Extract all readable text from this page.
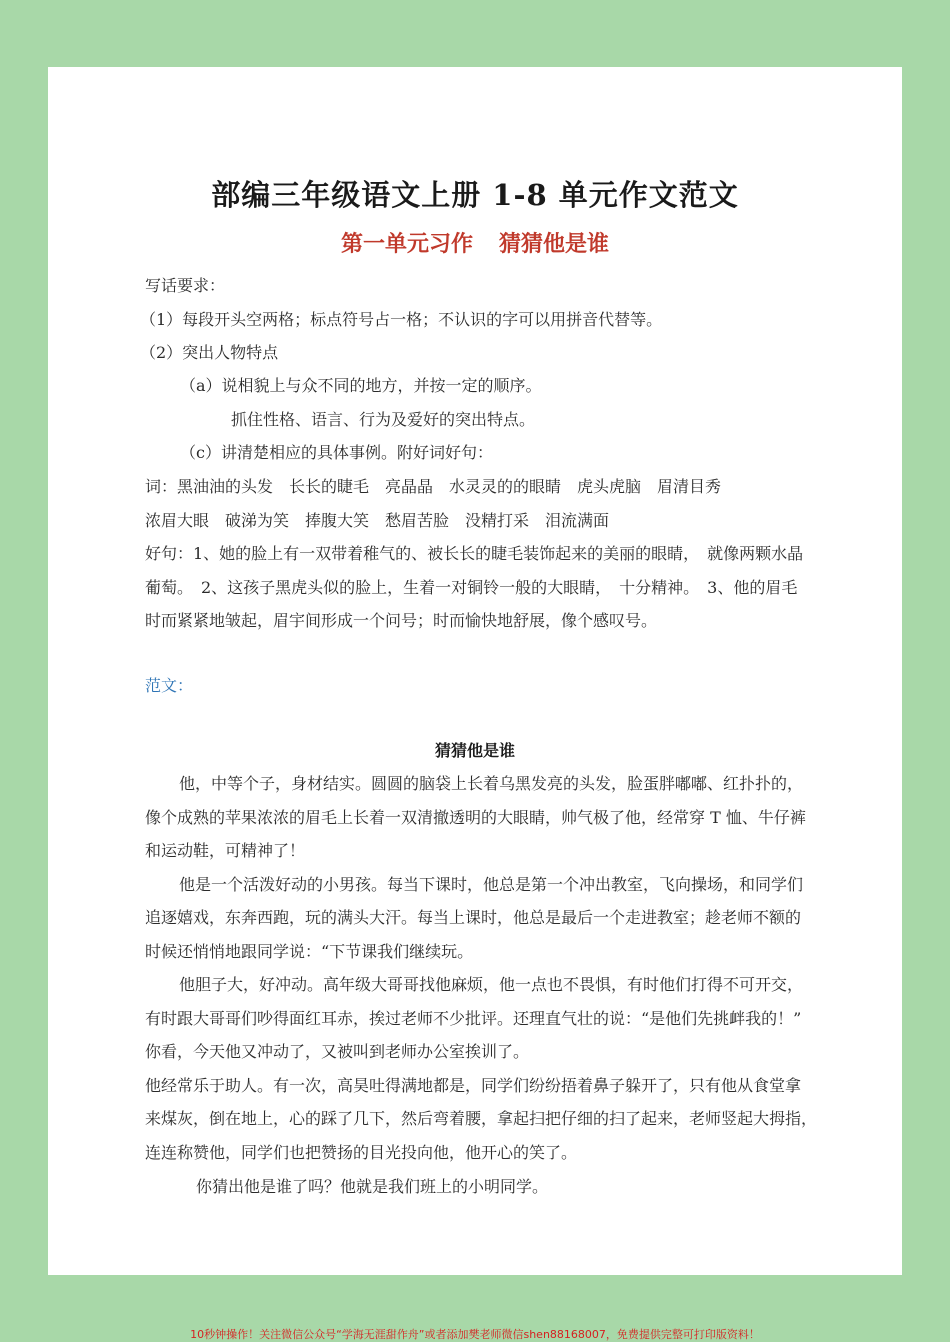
部编三年级语文上册 1-8 单元作文范文
第一单元习作 猜猜他是谁
写话要求：
（1）每段开头空两格；标点符号占一格；不认识的字可以用拼音代替等。
（2）突出人物特点
（a）说相貌上与众不同的地方，并按一定的顺序。
抓住性格、语言、行为及爱好的突出特点。
（c）讲清楚相应的具体事例。附好词好句：
词：黑油油的头发　长长的睫毛　亮晶晶　水灵灵的的眼睛　虎头虎脑　眉清目秀
浓眉大眼　破涕为笑　捧腹大笑　愁眉苦脸　没精打采　泪流满面
好句：1、她的脸上有一双带着稚气的、被长长的睫毛装饰起来的美丽的眼睛，　就像两颗水晶
葡萄。　2、这孩子黑虎头似的脸上，生着一对铜铃一般的大眼睛，　十分精神。　3、他的眉毛
时而紧紧地皱起，眉宇间形成一个问号；时而愉快地舒展，像个感叹号。
范文：
猜猜他是谁
他，中等个子，身材结实。圆圆的脑袋上长着乌黑发亮的头发，脸蛋胖嘟嘟、红扑扑的，
像个成熟的苹果浓浓的眉毛上长着一双清撤透明的大眼睛，帅气极了他，经常穿 T 恤、牛仔裤
和运动鞋，可精神了！
他是一个活泼好动的小男孩。每当下课时，他总是第一个冲出教室，飞向操场，和同学们
追逐嬉戏，东奔西跑，玩的满头大汗。每当上课时，他总是最后一个走进教室；趁老师不额的
时候还悄悄地跟同学说：“下节课我们继续玩。
他胆子大，好冲动。高年级大哥哥找他麻烦，他一点也不畏惧，有时他们打得不可开交，
有时跟大哥哥们吵得面红耳赤，挨过老师不少批评。还理直气壮的说：“是他们先挑衅我的！”
你看，今天他又冲动了，又被叫到老师办公室挨训了。
他经常乐于助人。有一次，高昊吐得满地都是，同学们纷纷捂着鼻子躲开了，只有他从食堂拿
来煤灰，倒在地上，心的踩了几下，然后弯着腰，拿起扫把仔细的扫了起来，老师竖起大拇指，
连连称赞他，同学们也把赞扬的目光投向他，他开心的笑了。
你猜出他是谁了吗？他就是我们班上的小明同学。
10秒钟操作！关注微信公众号“学海无涯甜作舟”或者添加樊老师微信shen88168007，免费提供完整可打印版资料！
